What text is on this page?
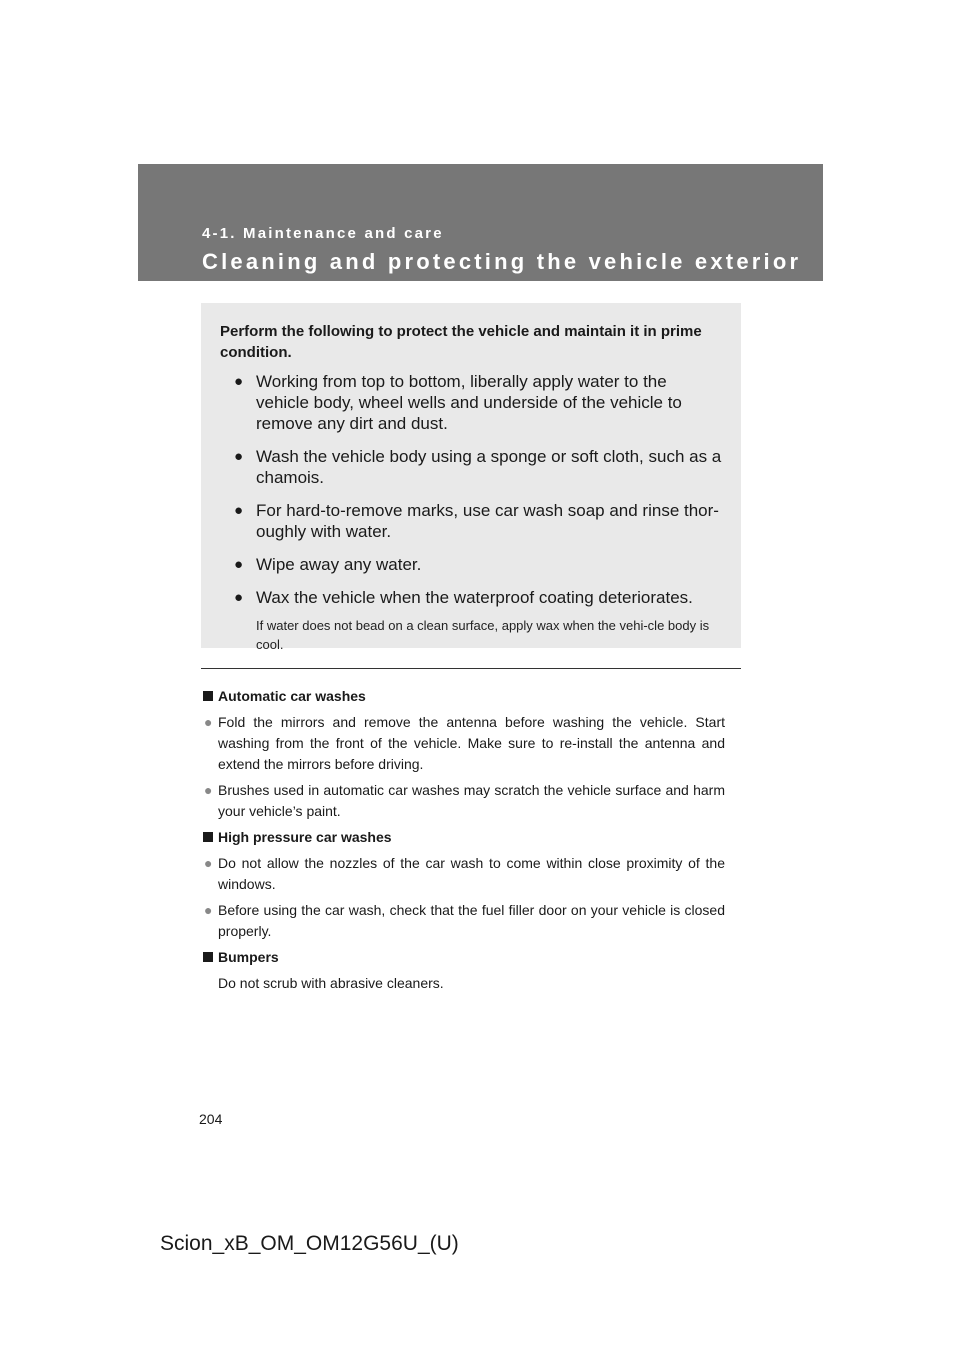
4-1. Maintenance and care
Cleaning and protecting the vehicle exterior

Perform the following to protect the vehicle and maintain it in prime condition.

● Working from top to bottom, liberally apply water to the vehicle body, wheel wells and underside of the vehicle to remove any dirt and dust.
● Wash the vehicle body using a sponge or soft cloth, such as a chamois.
● For hard-to-remove marks, use car wash soap and rinse thor-oughly with water.
● Wipe away any water.
● Wax the vehicle when the waterproof coating deteriorates.

If water does not bead on a clean surface, apply wax when the vehi-cle body is cool.

Automatic car washes
● Fold the mirrors and remove the antenna before washing the vehicle. Start washing from the front of the vehicle. Make sure to re-install the antenna and extend the mirrors before driving.
● Brushes used in automatic car washes may scratch the vehicle surface and harm your vehicle’s paint.
High pressure car washes
● Do not allow the nozzles of the car wash to come within close proximity of the windows.
● Before using the car wash, check that the fuel filler door on your vehicle is closed properly.
Bumpers

Do not scrub with abrasive cleaners.

204
Scion_xB_OM_OM12G56U_(U)
